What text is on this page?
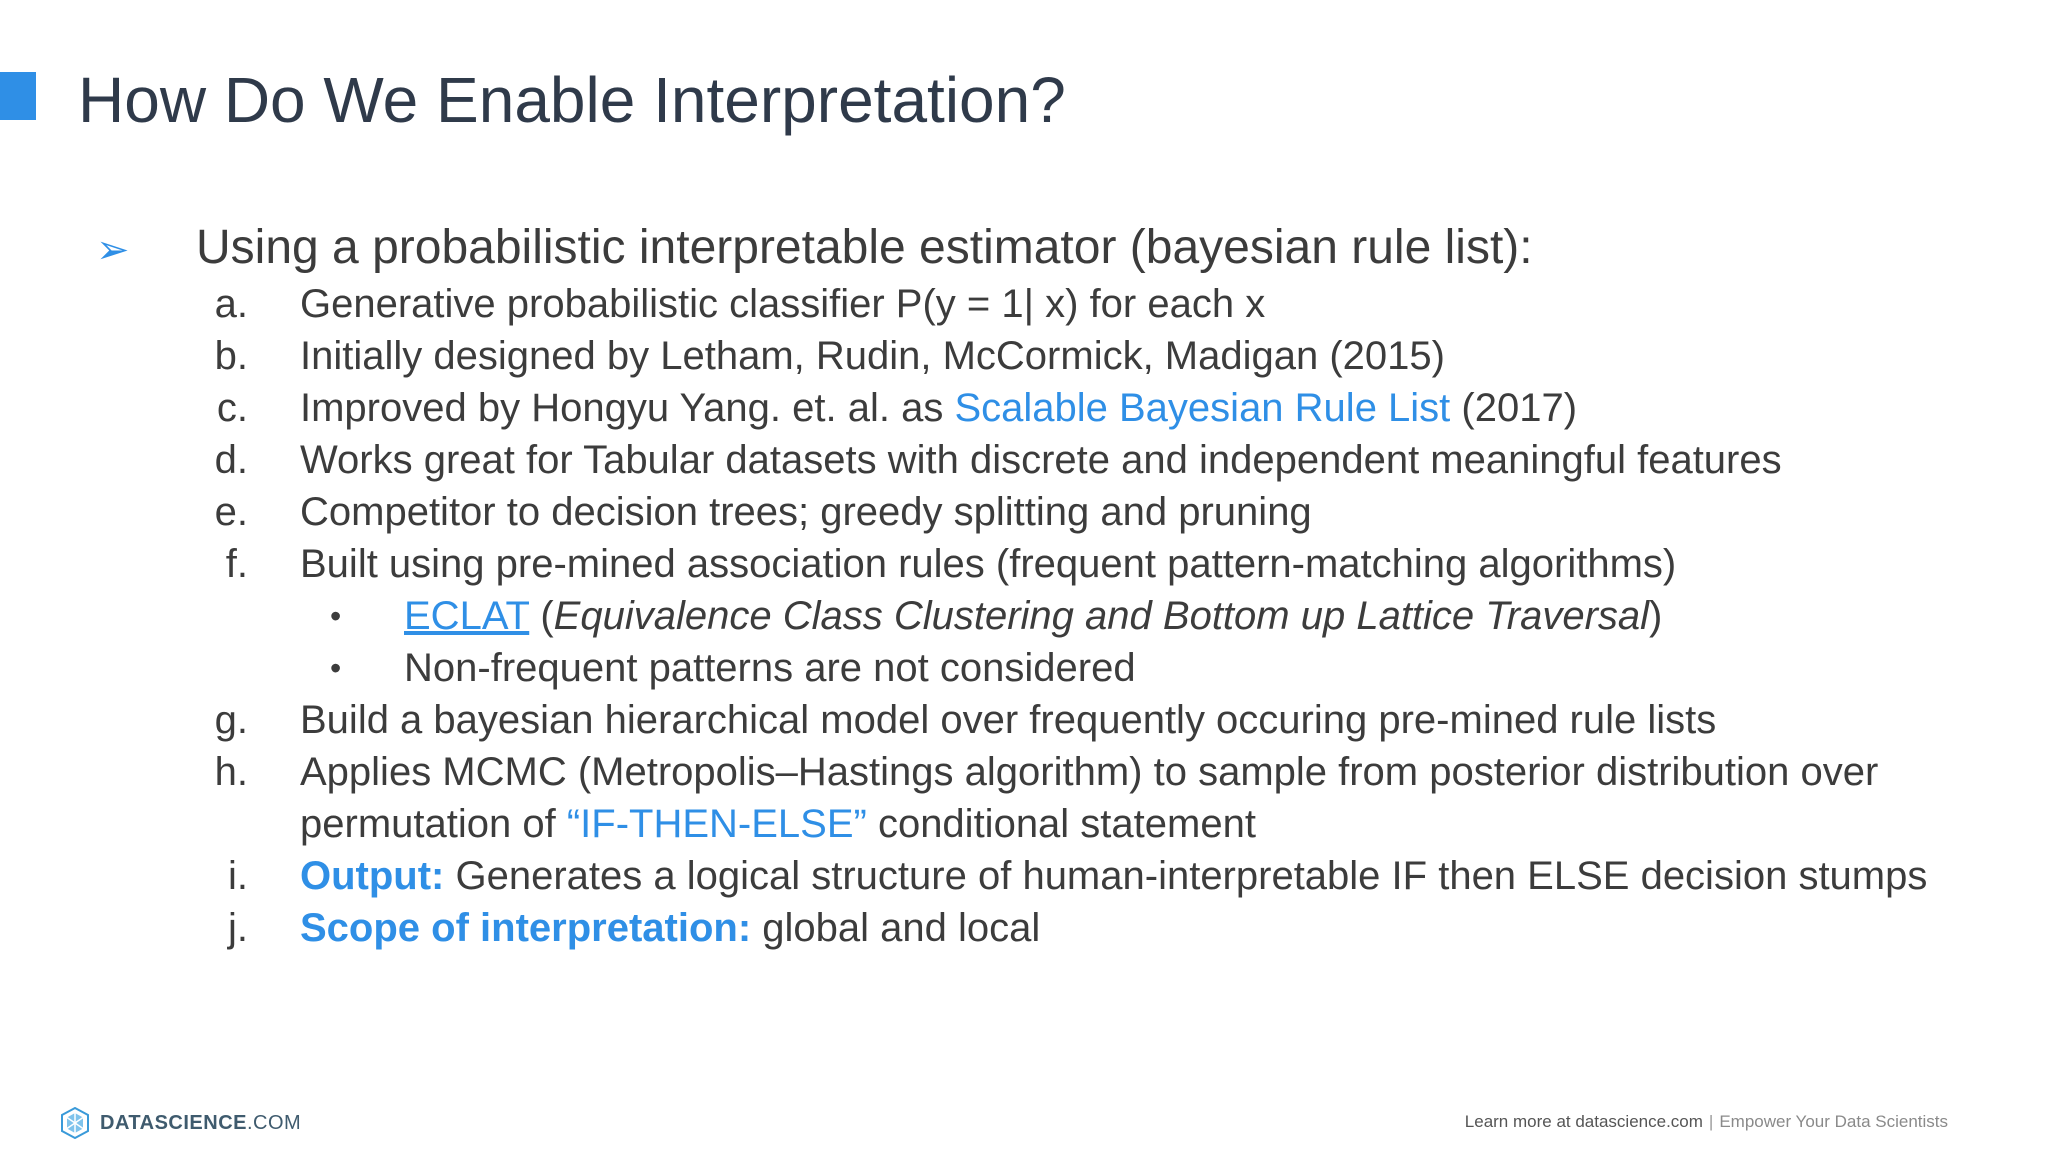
How Do We Enable Interpretation?
➢ Using a probabilistic interpretable estimator (bayesian rule list):
a. Generative probabilistic classifier P(y = 1| x) for each x
b. Initially designed by Letham, Rudin, McCormick, Madigan (2015)
c. Improved by Hongyu Yang. et. al. as Scalable Bayesian Rule List (2017)
d. Works great for Tabular datasets with discrete and independent meaningful features
e. Competitor to decision trees; greedy splitting and pruning
f. Built using pre-mined association rules (frequent pattern-matching algorithms)
• ECLAT (Equivalence Class Clustering and Bottom up Lattice Traversal)
• Non-frequent patterns are not considered
g. Build a bayesian hierarchical model over frequently occuring pre-mined rule lists
h. Applies MCMC (Metropolis–Hastings algorithm) to sample from posterior distribution over permutation of “IF-THEN-ELSE” conditional statement
i. Output: Generates a logical structure of human-interpretable IF then ELSE decision stumps
j. Scope of interpretation: global and local
DATASCIENCE.COM	Learn more at datascience.com | Empower Your Data Scientists
